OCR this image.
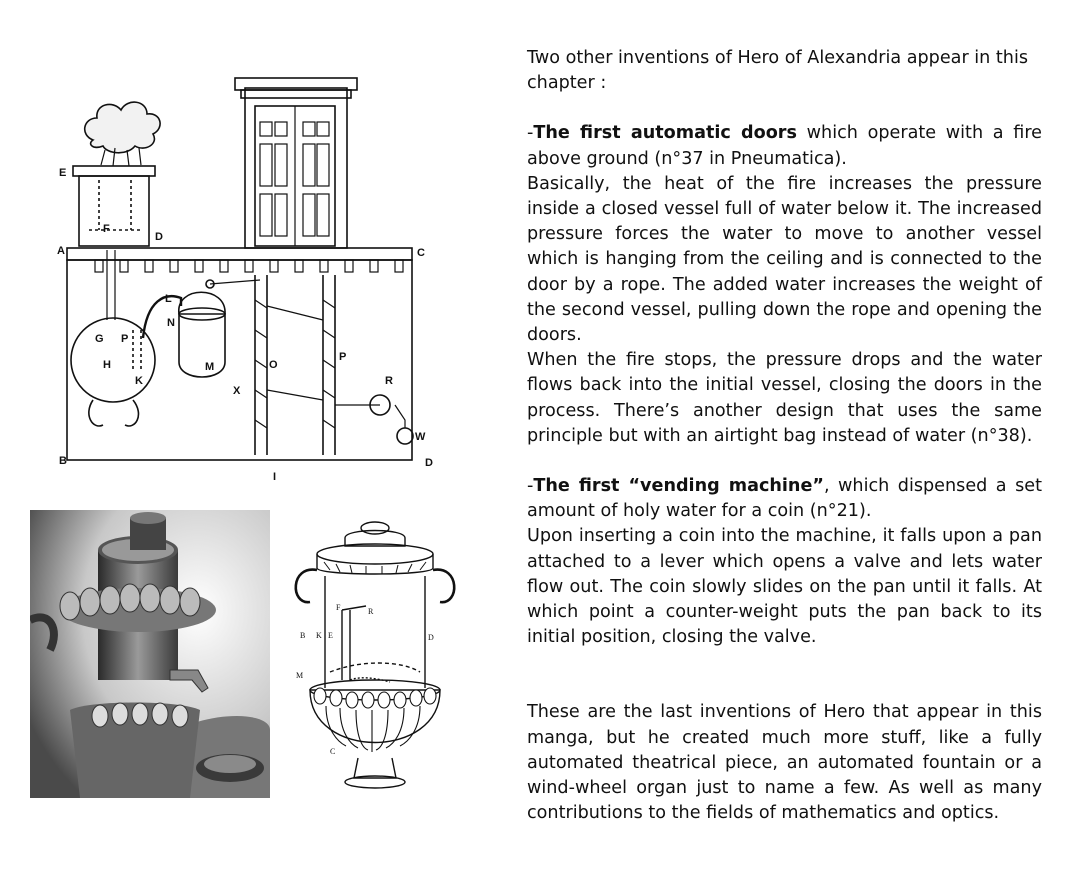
E
F
D
A	C
G P
H
K
L
N
M
X
O
P
R
W
B	D
I
F	R
B K E	D
M
C

Two other inventions of Hero of Alexandria appear in this chapter :

-The first automatic doors which operate with a fire above ground (n°37 in Pneumatica).

Basically, the heat of the fire increases the pressure inside a closed vessel full of water below it. The increased pressure forces the water to move to another vessel which is hanging from the ceiling and is connected to the door by a rope. The added water increases the weight of the second vessel, pulling down the rope and opening the doors.

When the fire stops, the pressure drops and the water flows back into the initial vessel, closing the doors in the process. There’s another design that uses the same principle but with an airtight bag instead of water (n°38).

-The first “vending machine”, which dispensed a set amount of holy water for a coin (n°21).

Upon inserting a coin into the machine, it falls upon a pan attached to a lever which opens a valve and lets water flow out. The coin slowly slides on the pan until it falls. At which point a counter-weight puts the pan back to its initial position, closing the valve.

These are the last inventions of Hero that appear in this manga, but he created much more stuff, like a fully automated theatrical piece, an automated fountain or a wind-wheel organ just to name a few. As well as many contributions to the fields of mathematics and optics.
